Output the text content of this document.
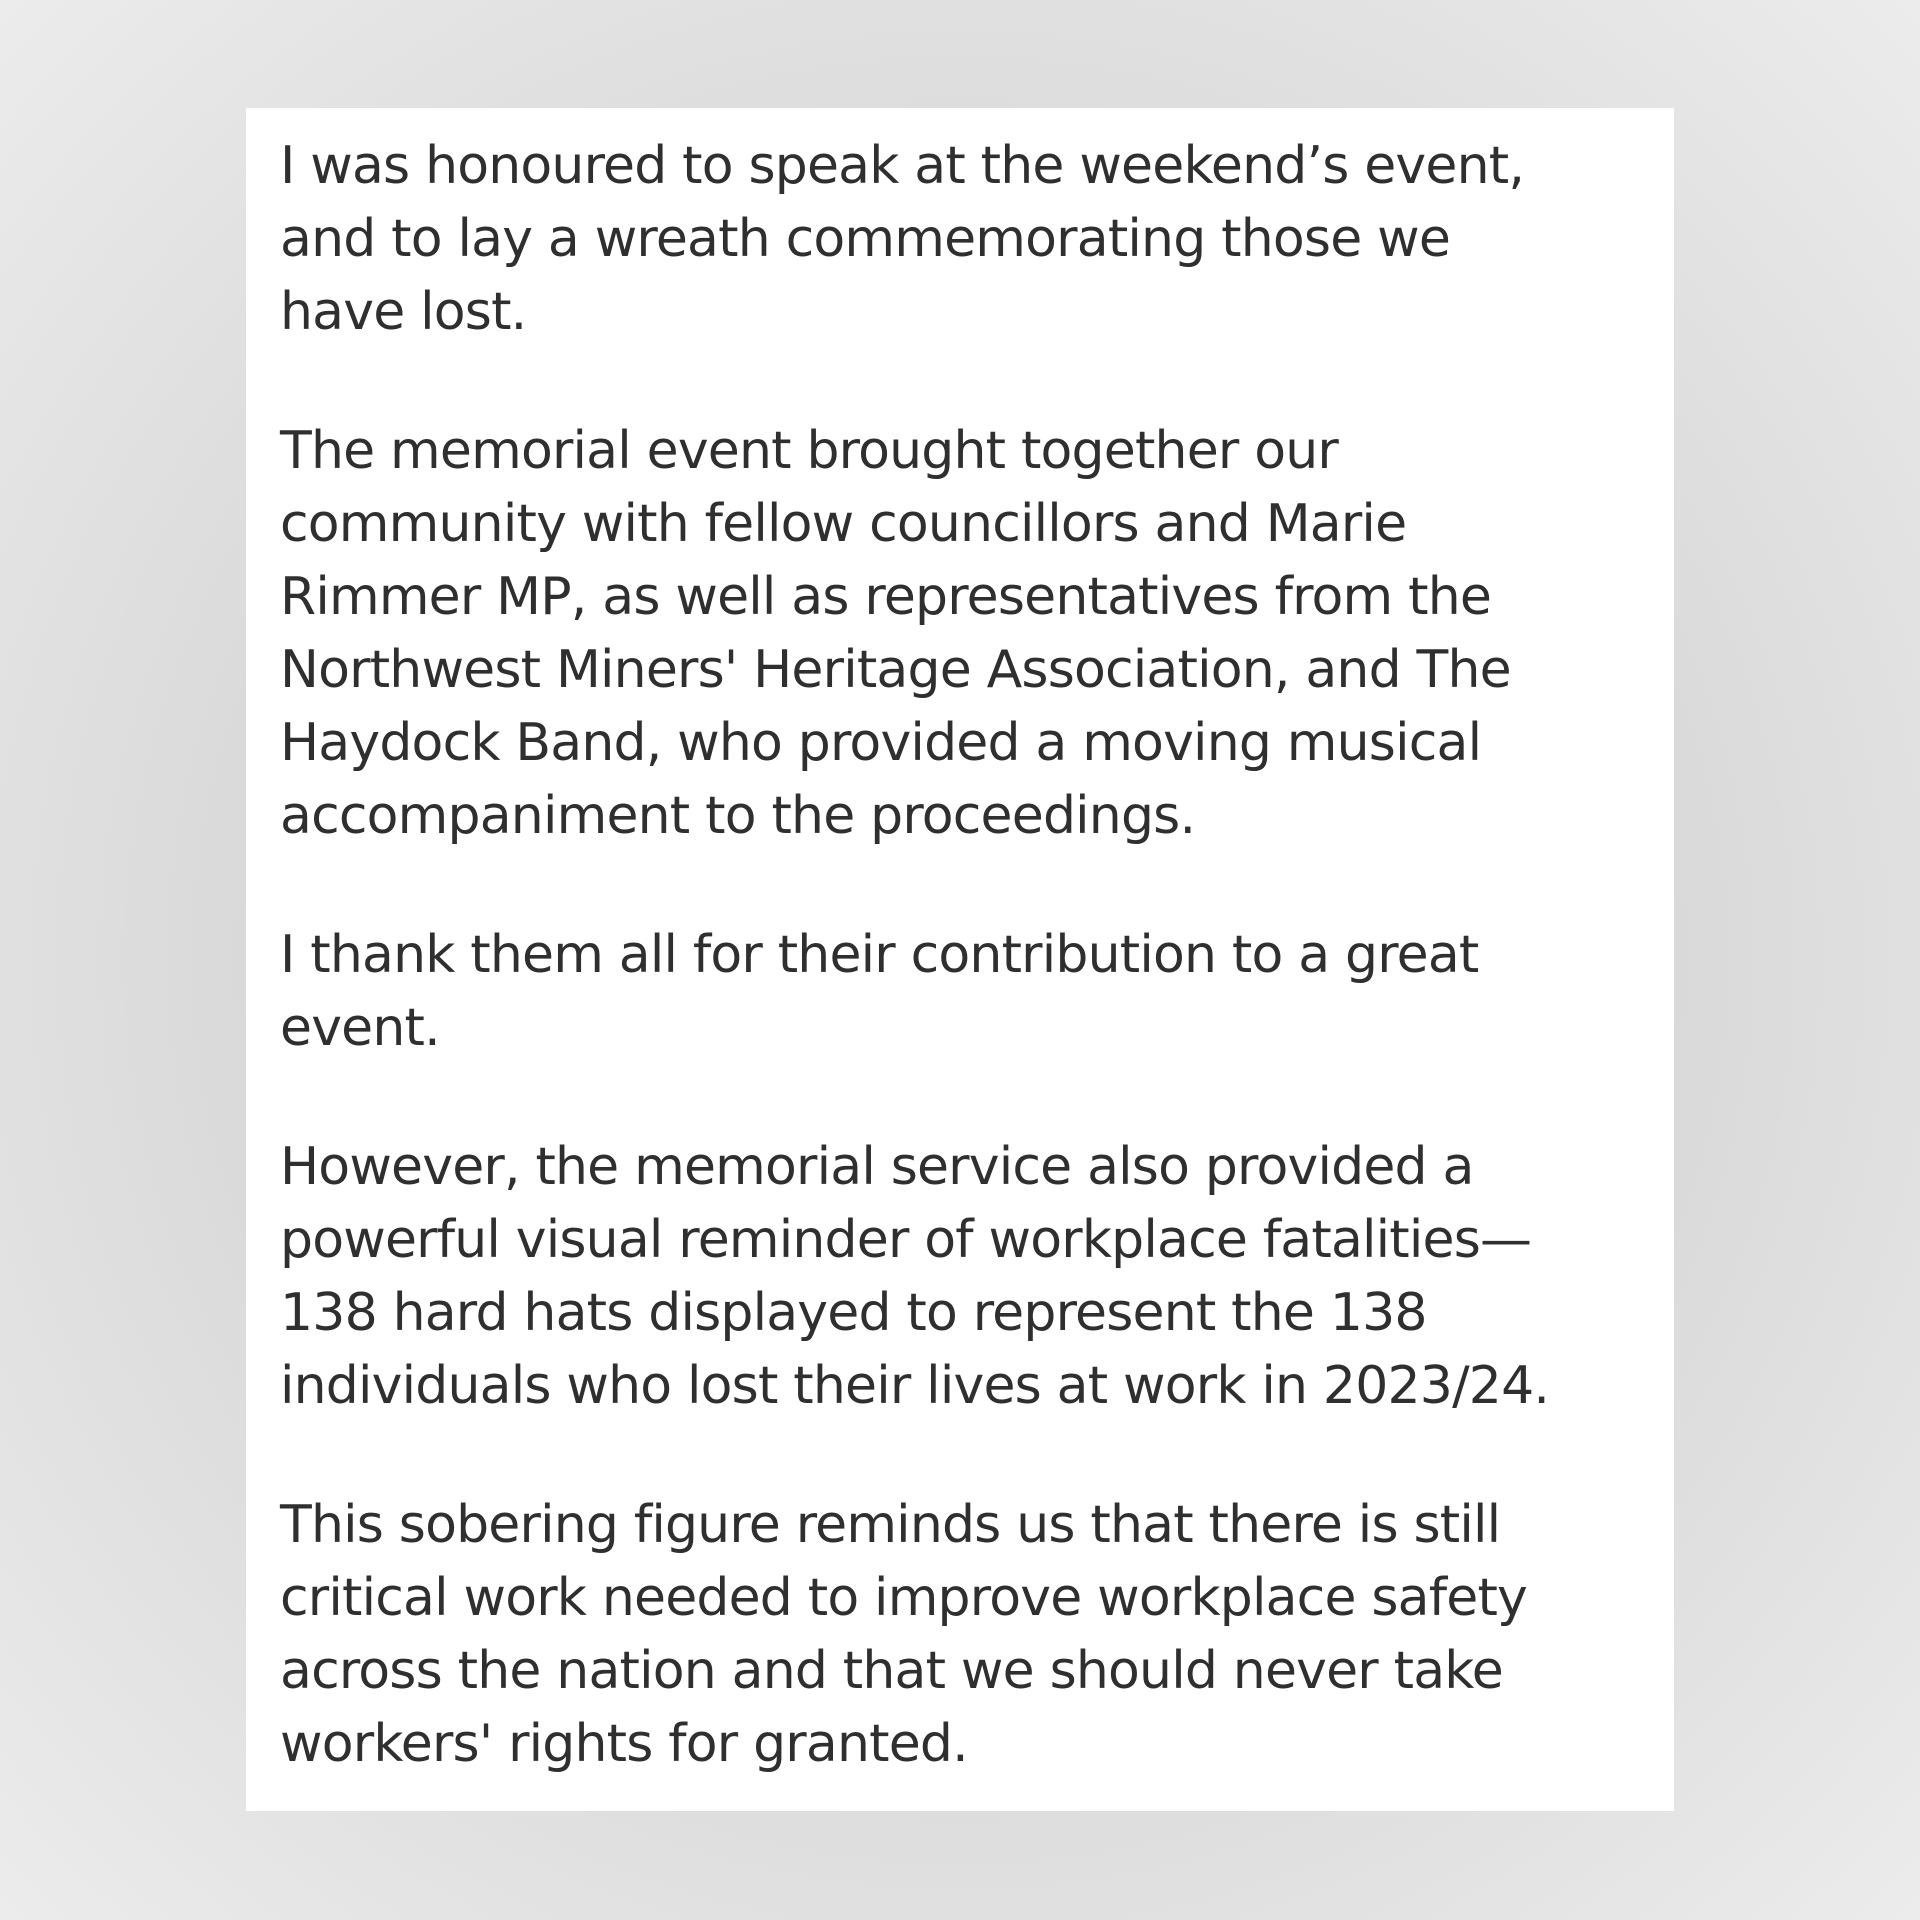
I was honoured to speak at the weekend’s event,
and to lay a wreath commemorating those we
have lost.

The memorial event brought together our
community with fellow councillors and Marie
Rimmer MP, as well as representatives from the
Northwest Miners' Heritage Association, and The
Haydock Band, who provided a moving musical
accompaniment to the proceedings.

I thank them all for their contribution to a great
event.

However, the memorial service also provided a
powerful visual reminder of workplace fatalities—
138 hard hats displayed to represent the 138
individuals who lost their lives at work in 2023/24.

This sobering figure reminds us that there is still
critical work needed to improve workplace safety
across the nation and that we should never take
workers' rights for granted.
